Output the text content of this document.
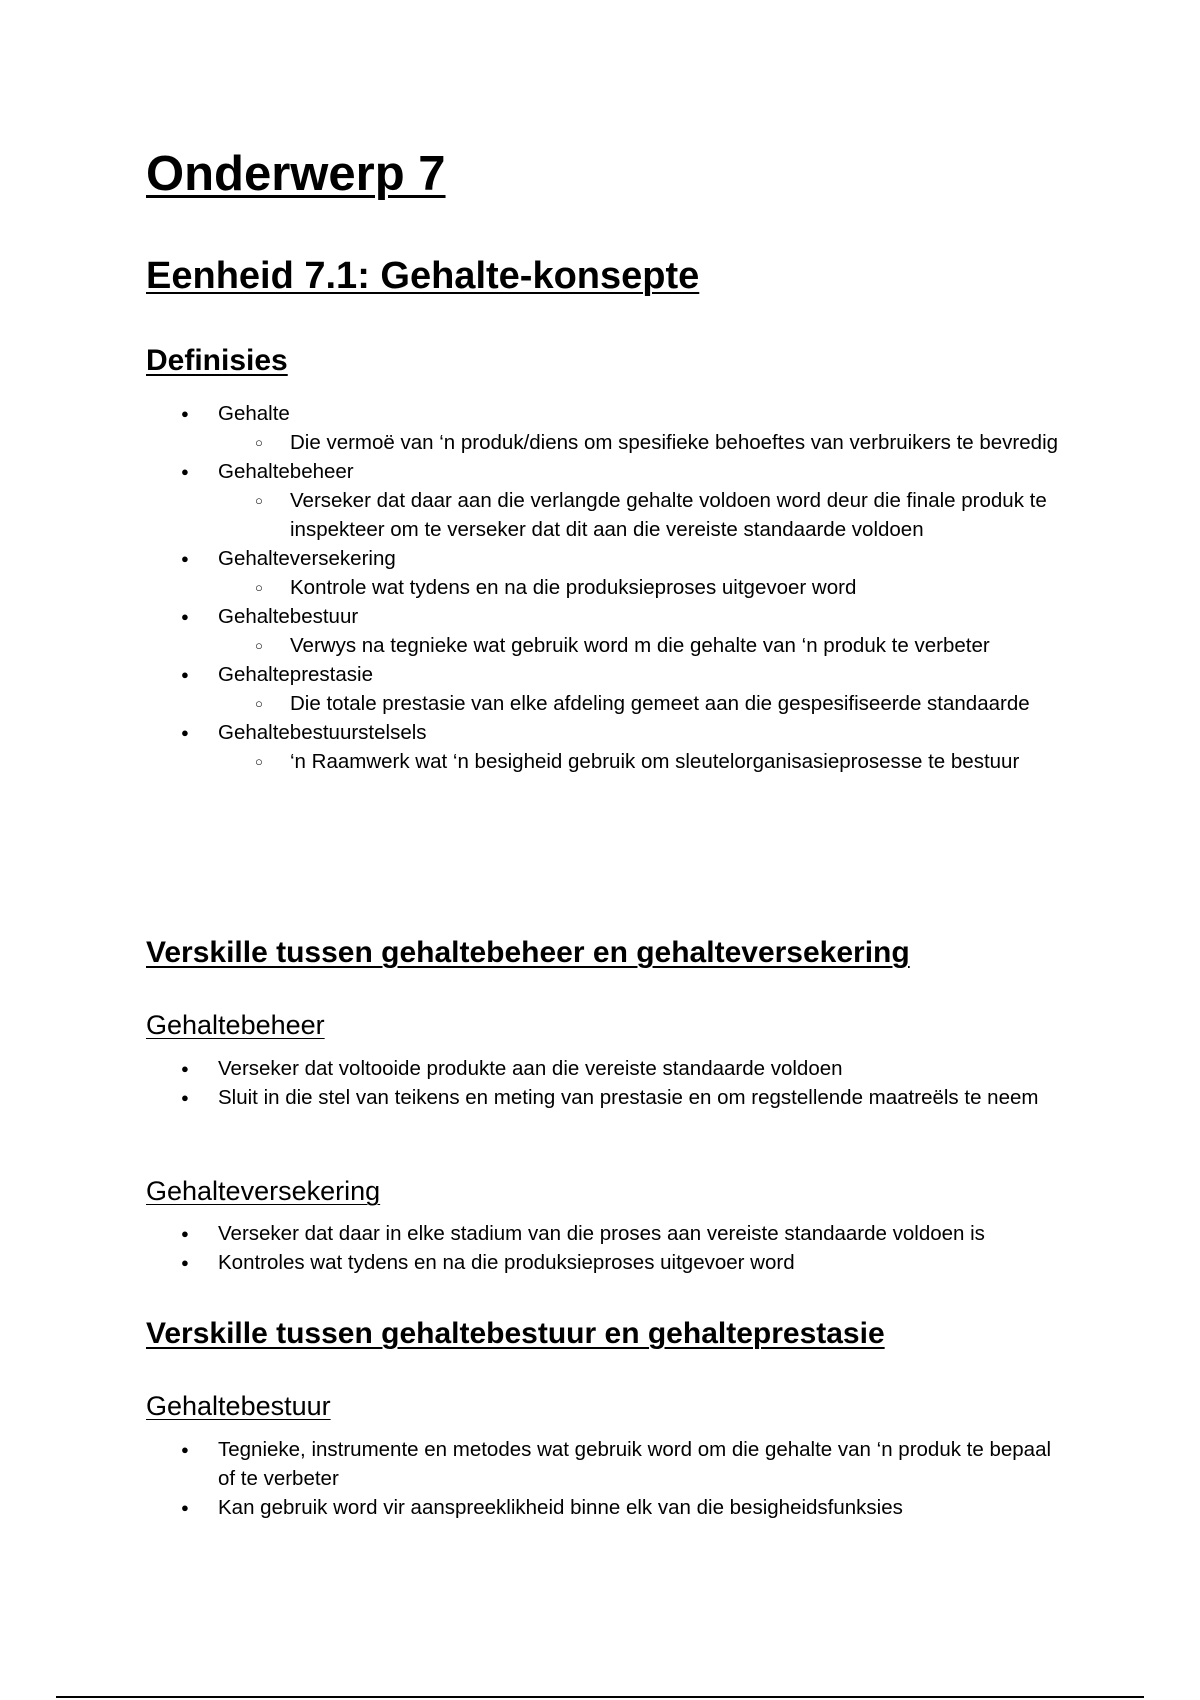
Onderwerp 7
Eenheid 7.1: Gehalte-konsepte
Definisies
● Gehalte
○ Die vermoë van ‘n produk/diens om spesifieke behoeftes van verbruikers te bevredig
● Gehaltebeheer
○ Verseker dat daar aan die verlangde gehalte voldoen word deur die finale produk te inspekteer om te verseker dat dit aan die vereiste standaarde voldoen
● Gehalteversekering
○ Kontrole wat tydens en na die produksieproses uitgevoer word
● Gehaltebestuur
○ Verwys na tegnieke wat gebruik word m die gehalte van ‘n produk te verbeter
● Gehalteprestasie
○ Die totale prestasie van elke afdeling gemeet aan die gespesifiseerde standaarde
● Gehaltebestuurstelsels
○ ‘n Raamwerk wat ‘n besigheid gebruik om sleutelorganisasieprosesse te bestuur
Verskille tussen gehaltebeheer en gehalteversekering
Gehaltebeheer
● Verseker dat voltooide produkte aan die vereiste standaarde voldoen
● Sluit in die stel van teikens en meting van prestasie en om regstellende maatreëls te neem
Gehalteversekering
● Verseker dat daar in elke stadium van die proses aan vereiste standaarde voldoen is
● Kontroles wat tydens en na die produksieproses uitgevoer word
Verskille tussen gehaltebestuur en gehalteprestasie
Gehaltebestuur
● Tegnieke, instrumente en metodes wat gebruik word om die gehalte van ‘n produk te bepaal of te verbeter
● Kan gebruik word vir aanspreeklikheid binne elk van die besigheidsfunksies
